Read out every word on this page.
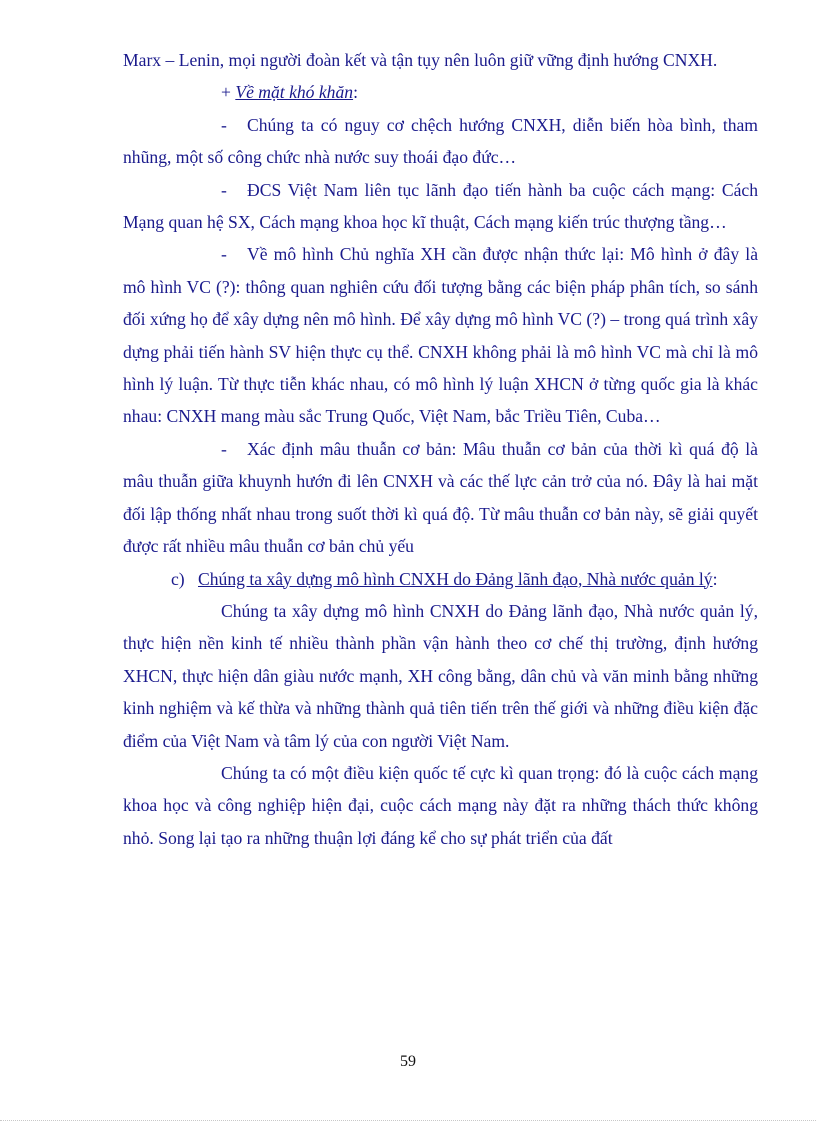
Marx – Lenin, mọi người đoàn kết và tận tụy nên luôn giữ vững định hướng CNXH.

+ Về mặt khó khăn:

- Chúng ta có nguy cơ chệch hướng CNXH, diễn biến hòa bình, tham nhũng, một số công chức nhà nước suy thoái đạo đức…

- ĐCS Việt Nam liên tục lãnh đạo tiến hành ba cuộc cách mạng: Cách Mạng quan hệ SX, Cách mạng khoa học kĩ thuật, Cách mạng kiến trúc thượng tầng…

- Về mô hình Chủ nghĩa XH cần được nhận thức lại: Mô hình ở đây là mô hình VC (?): thông quan nghiên cứu đối tượng bằng các biện pháp phân tích, so sánh đối xứng họ để xây dựng nên mô hình. Để xây dựng mô hình VC (?) – trong quá trình xây dựng phải tiến hành SV hiện thực cụ thể. CNXH không phải là mô hình VC mà chỉ là mô hình lý luận. Từ thực tiễn khác nhau, có mô hình lý luận XHCN ở từng quốc gia là khác nhau: CNXH mang màu sắc Trung Quốc, Việt Nam, bắc Triều Tiên, Cuba…

- Xác định mâu thuẫn cơ bản: Mâu thuẫn cơ bản của thời kì quá độ là mâu thuẫn giữa khuynh hướn đi lên CNXH và các thế lực cản trở của nó. Đây là hai mặt đối lập thống nhất nhau trong suốt thời kì quá độ. Từ mâu thuẫn cơ bản này, sẽ giải quyết được rất nhiều mâu thuẫn cơ bản chủ yếu

c) Chúng ta xây dựng mô hình CNXH do Đảng lãnh đạo, Nhà nước quản lý:

Chúng ta xây dựng mô hình CNXH do Đảng lãnh đạo, Nhà nước quản lý, thực hiện nền kinh tế nhiều thành phần vận hành theo cơ chế thị trường, định hướng XHCN, thực hiện dân giàu nước mạnh, XH công bằng, dân chủ và văn minh bằng những kinh nghiệm và kế thừa và những thành quả tiên tiến trên thế giới và những điều kiện đặc điểm của Việt Nam và tâm lý của con người Việt Nam.

Chúng ta có một điều kiện quốc tế cực kì quan trọng: đó là cuộc cách mạng khoa học và công nghiệp hiện đại, cuộc cách mạng này đặt ra những thách thức không nhỏ. Song lại tạo ra những thuận lợi đáng kể cho sự phát triển của đất

59
